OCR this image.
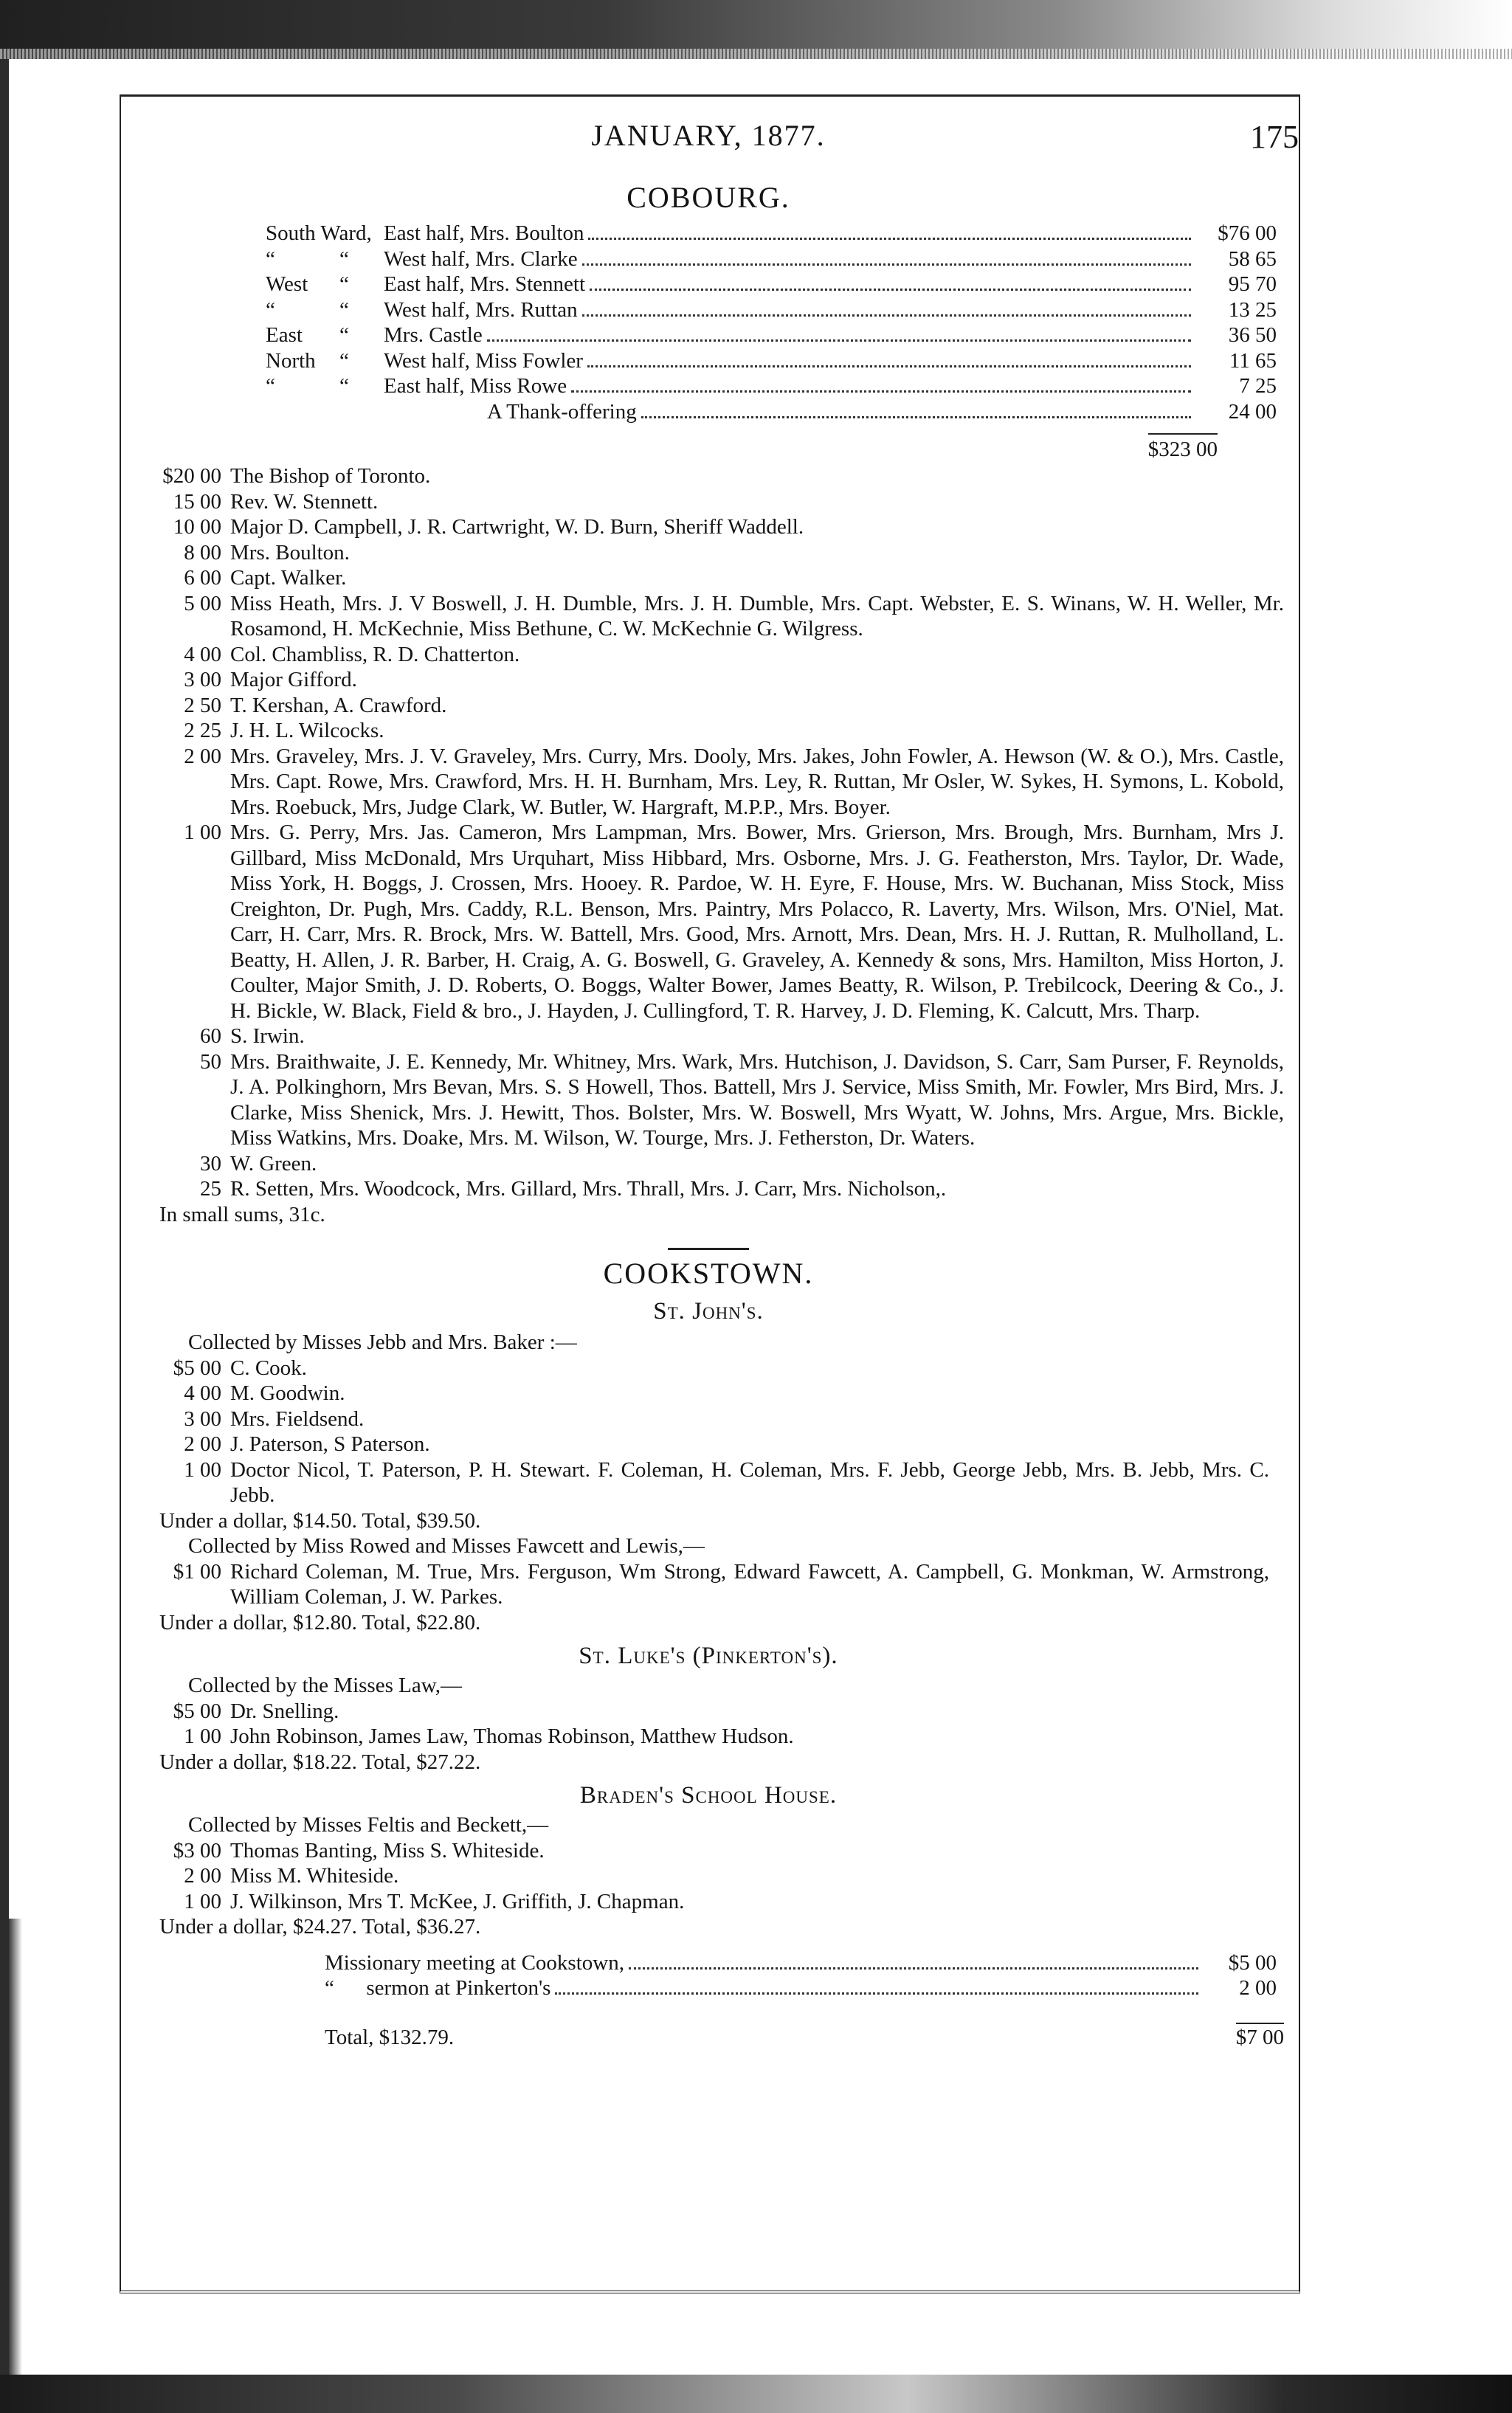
JANUARY, 1877.	175
COBOURG.
South Ward, East half, Mrs. Boulton	$76 00
“	“	West half, Mrs. Clarke	58 65
West	“	East half, Mrs. Stennett	95 70
“	“	West half, Mrs. Ruttan	13 25
East	“	Mrs. Castle	36 50
North	“	West half, Miss Fowler	11 65
“	“	East half, Miss Rowe	7 25
A Thank-offering	24 00
$323 00
$20 00 The Bishop of Toronto.
15 00 Rev. W. Stennett.
10 00 Major D. Campbell, J. R. Cartwright, W. D. Burn, Sheriff Waddell.
8 00 Mrs. Boulton.
6 00 Capt. Walker.
5 00 Miss Heath, Mrs. J. V Boswell, J. H. Dumble, Mrs. J. H. Dumble, Mrs. Capt. Webster, E. S. Winans, W. H. Weller, Mr. Rosamond, H. McKechnie, Miss Bethune, C. W. McKechnie G. Wilgress.
4 00 Col. Chambliss, R. D. Chatterton.
3 00 Major Gifford.
2 50 T. Kershan, A. Crawford.
2 25 J. H. L. Wilcocks.
2 00 Mrs. Graveley, Mrs. J. V. Graveley, Mrs. Curry, Mrs. Dooly, Mrs. Jakes, John Fowler, A. Hewson (W. & O.), Mrs. Castle, Mrs. Capt. Rowe, Mrs. Crawford, Mrs. H. H. Burnham, Mrs. Ley, R. Ruttan, Mr Osler, W. Sykes, H. Symons, L. Kobold, Mrs. Roebuck, Mrs, Judge Clark, W. Butler, W. Hargraft, M.P.P., Mrs. Boyer.
1 00 Mrs. G. Perry, Mrs. Jas. Cameron, Mrs Lampman, Mrs. Bower, Mrs. Grierson, Mrs. Brough, Mrs. Burnham, Mrs J. Gillbard, Miss McDonald, Mrs Urquhart, Miss Hibbard, Mrs. Osborne, Mrs. J. G. Featherston, Mrs. Taylor, Dr. Wade, Miss York, H. Boggs, J. Crossen, Mrs. Hooey. R. Pardoe, W. H. Eyre, F. House, Mrs. W. Buchanan, Miss Stock, Miss Creighton, Dr. Pugh, Mrs. Caddy, R.L. Benson, Mrs. Paintry, Mrs Polacco, R. Laverty, Mrs. Wilson, Mrs. O'Niel, Mat. Carr, H. Carr, Mrs. R. Brock, Mrs. W. Battell, Mrs. Good, Mrs. Arnott, Mrs. Dean, Mrs. H. J. Ruttan, R. Mulholland, L. Beatty, H. Allen, J. R. Barber, H. Craig, A. G. Boswell, G. Graveley, A. Kennedy & sons, Mrs. Hamilton, Miss Horton, J. Coulter, Major Smith, J. D. Roberts, O. Boggs, Walter Bower, James Beatty, R. Wilson, P. Trebilcock, Deering & Co., J. H. Bickle, W. Black, Field & bro., J. Hayden, J. Cullingford, T. R. Harvey, J. D. Fleming, K. Calcutt, Mrs. Tharp.
60 S. Irwin.
50 Mrs. Braithwaite, J. E. Kennedy, Mr. Whitney, Mrs. Wark, Mrs. Hutchison, J. Davidson, S. Carr, Sam Purser, F. Reynolds, J. A. Polkinghorn, Mrs Bevan, Mrs. S. S Howell, Thos. Battell, Mrs J. Service, Miss Smith, Mr. Fowler, Mrs Bird, Mrs. J. Clarke, Miss Shenick, Mrs. J. Hewitt, Thos. Bolster, Mrs. W. Boswell, Mrs Wyatt, W. Johns, Mrs. Argue, Mrs. Bickle, Miss Watkins, Mrs. Doake, Mrs. M. Wilson, W. Tourge, Mrs. J. Fetherston, Dr. Waters.
30 W. Green.
25 R. Setten, Mrs. Woodcock, Mrs. Gillard, Mrs. Thrall, Mrs. J. Carr, Mrs. Nicholson,.
In small sums, 31c.
COOKSTOWN.
St. John's.
Collected by Misses Jebb and Mrs. Baker :—
$5 00 C. Cook.
4 00 M. Goodwin.
3 00 Mrs. Fieldsend.
2 00 J. Paterson, S Paterson.
1 00 Doctor Nicol, T. Paterson, P. H. Stewart. F. Coleman, H. Coleman, Mrs. F. Jebb, George Jebb, Mrs. B. Jebb, Mrs. C. Jebb.
Under a dollar, $14.50. Total, $39.50.
Collected by Miss Rowed and Misses Fawcett and Lewis,—
$1 00 Richard Coleman, M. True, Mrs. Ferguson, Wm Strong, Edward Fawcett, A. Campbell, G. Monkman, W. Armstrong, William Coleman, J. W. Parkes.
Under a dollar, $12.80. Total, $22.80.
St. Luke's (Pinkerton's).
Collected by the Misses Law,—
$5 00 Dr. Snelling.
1 00 John Robinson, James Law, Thomas Robinson, Matthew Hudson.
Under a dollar, $18.22. Total, $27.22.
Braden's School House.
Collected by Misses Feltis and Beckett,—
$3 00 Thomas Banting, Miss S. Whiteside.
2 00 Miss M. Whiteside.
1 00 J. Wilkinson, Mrs T. McKee, J. Griffith, J. Chapman.
Under a dollar, $24.27. Total, $36.27.
Missionary meeting at Cookstown,	$5 00
“      sermon at Pinkerton's	2 00
Total, $132.79.	$7 00
